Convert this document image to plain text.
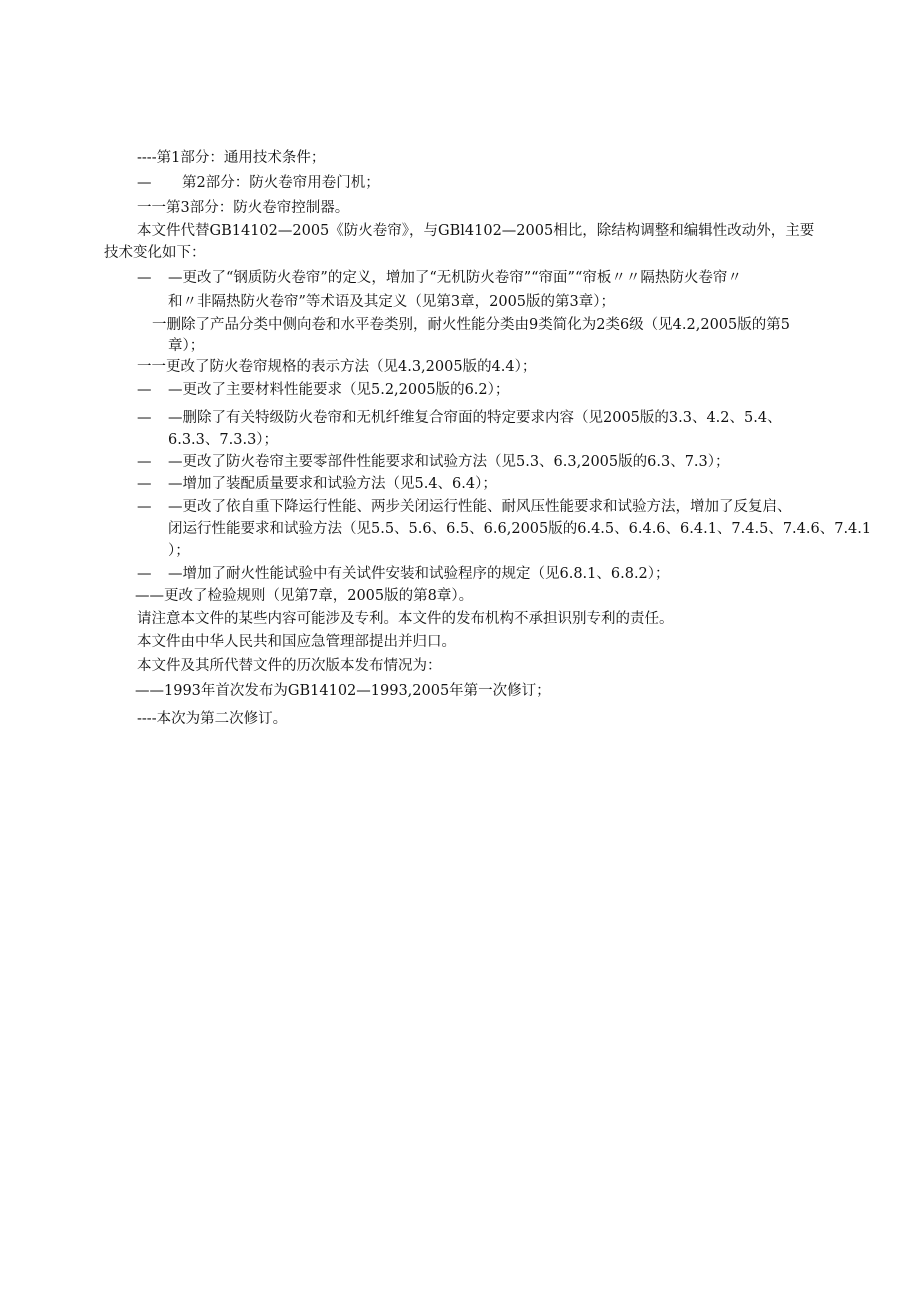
----第1部分：通用技术条件；
— 第2部分：防火卷帘用卷门机；
一一第3部分：防火卷帘控制器。
本文件代替GB14102—2005《防火卷帘》，与GBl4102—2005相比，除结构调整和编辑性改动外，主要
技术变化如下：
— —更改了“钢质防火卷帘”的定义，增加了“无机防火卷帘”“帘面”“帘板〃〃隔热防火卷帘〃
和〃非隔热防火卷帘”等术语及其定义（见第3章，2005版的第3章）；
一删除了产品分类中侧向卷和水平卷类别，耐火性能分类由9类简化为2类6级（见4.2,2005版的第5
章）；
一一更改了防火卷帘规格的表示方法（见4.3,2005版的4.4）；
— —更改了主要材料性能要求（见5.2,2005版的6.2）；
— —删除了有关特级防火卷帘和无机纤维复合帘面的特定要求内容（见2005版的3.3、4.2、5.4、
6.3.3、7.3.3）；
— —更改了防火卷帘主要零部件性能要求和试验方法（见5.3、6.3,2005版的6.3、7.3）；
— —增加了装配质量要求和试验方法（见5.4、6.4）；
— —更改了依自重下降运行性能、两步关闭运行性能、耐风压性能要求和试验方法，增加了反复启、
闭运行性能要求和试验方法（见5.5、5.6、6.5、6.6,2005版的6.4.5、6.4.6、6.4.1、7.4.5、7.4.6、7.4.1
）；
— —增加了耐火性能试验中有关试件安装和试验程序的规定（见6.8.1、6.8.2）；
——更改了检验规则（见第7章，2005版的第8章）。
请注意本文件的某些内容可能涉及专利。本文件的发布机构不承担识别专利的责任。
本文件由中华人民共和国应急管理部提出并归口。
本文件及其所代替文件的历次版本发布情况为：
——1993年首次发布为GB14102—1993,2005年第一次修订；
----本次为第二次修订。
